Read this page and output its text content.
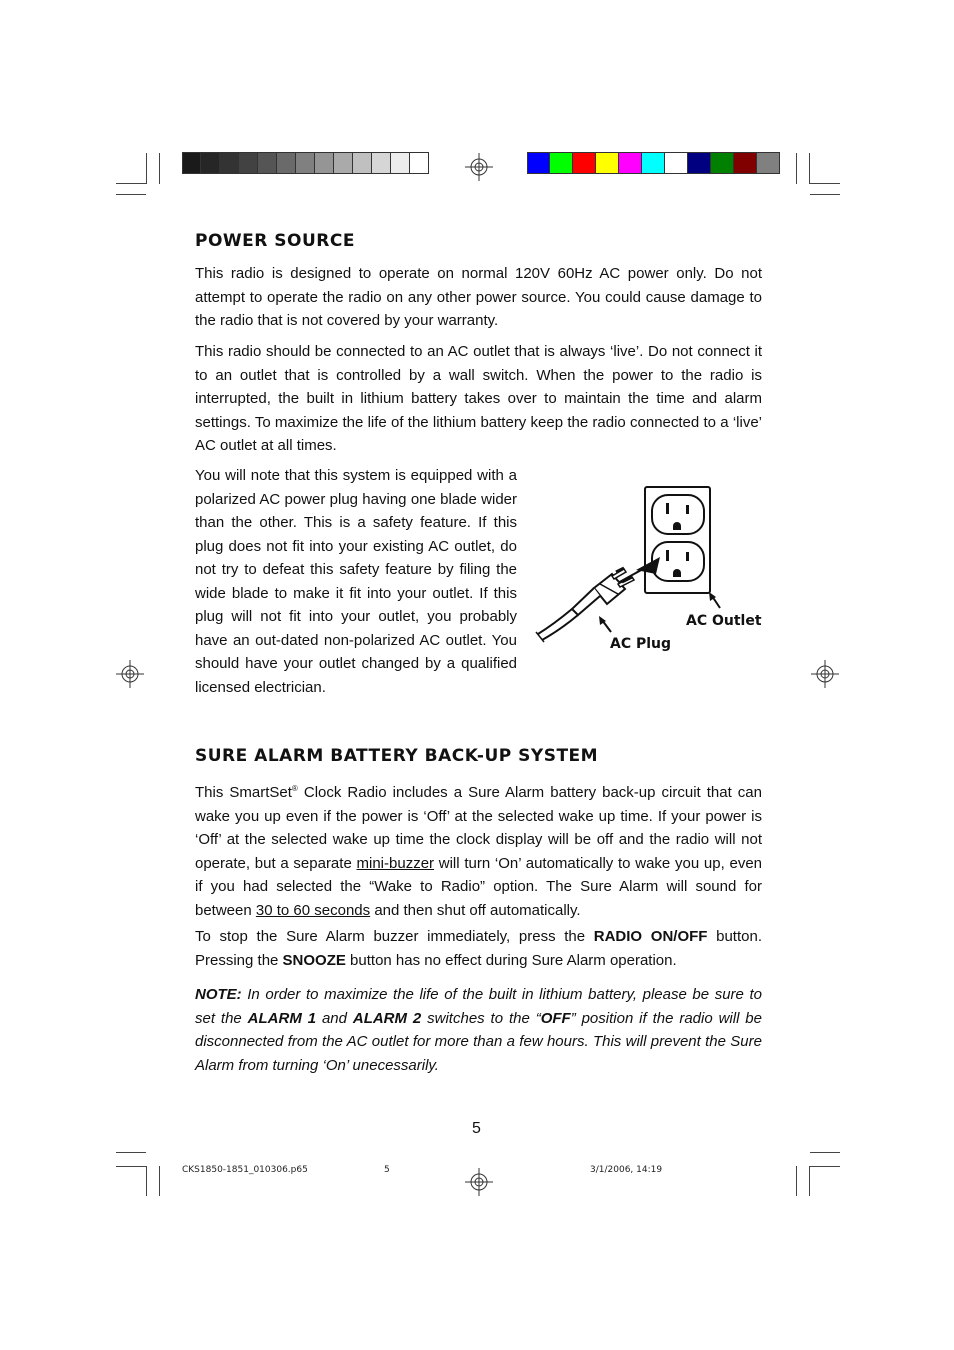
POWER SOURCE

This radio is designed to operate on normal 120V 60Hz AC power only. Do not attempt to operate the radio on any other power source. You could cause damage to the radio that is not covered by your warranty.

This radio should be connected to an AC outlet that is always ‘live’. Do not connect it to an outlet that is controlled by a wall switch. When the power to the radio is interrupted, the built in lithium battery takes over to maintain the time and alarm settings. To maximize the life of the lithium battery keep the radio connected to a ‘live’ AC outlet at all times.

You will note that this system is equipped with a polarized AC power plug having one blade wider than the other. This is a safety feature. If this plug does not fit into your existing AC outlet, do not try to defeat this safety feature by filing the wide blade to make it fit into your outlet. If this plug will not fit into your outlet, you probably have an out-dated non-polarized AC outlet. You should have your outlet changed by a qualified licensed electrician.

AC Outlet
AC Plug
SURE ALARM BATTERY BACK-UP SYSTEM

This SmartSet® Clock Radio includes a Sure Alarm battery back-up circuit that can wake you up even if the power is ‘Off’ at the selected wake up time. If your power is ‘Off’ at the selected wake up time the clock display will be off and the radio will not operate, but a separate mini-buzzer will turn ‘On’ automatically to wake you up, even if you had selected the “Wake to Radio” option. The Sure Alarm will sound for between 30 to 60 seconds and then shut off automatically.

To stop the Sure Alarm buzzer immediately, press the RADIO ON/OFF button. Pressing the SNOOZE button has no effect during Sure Alarm operation.

NOTE: In order to maximize the life of the built in lithium battery, please be sure to set the ALARM 1 and ALARM 2 switches to the “OFF” position if the radio will be disconnected from the AC outlet for more than a few hours. This will prevent the Sure Alarm from turning ‘On’ unecessarily.

5
CKS1850-1851_010306.p65	5	3/1/2006, 14:19
